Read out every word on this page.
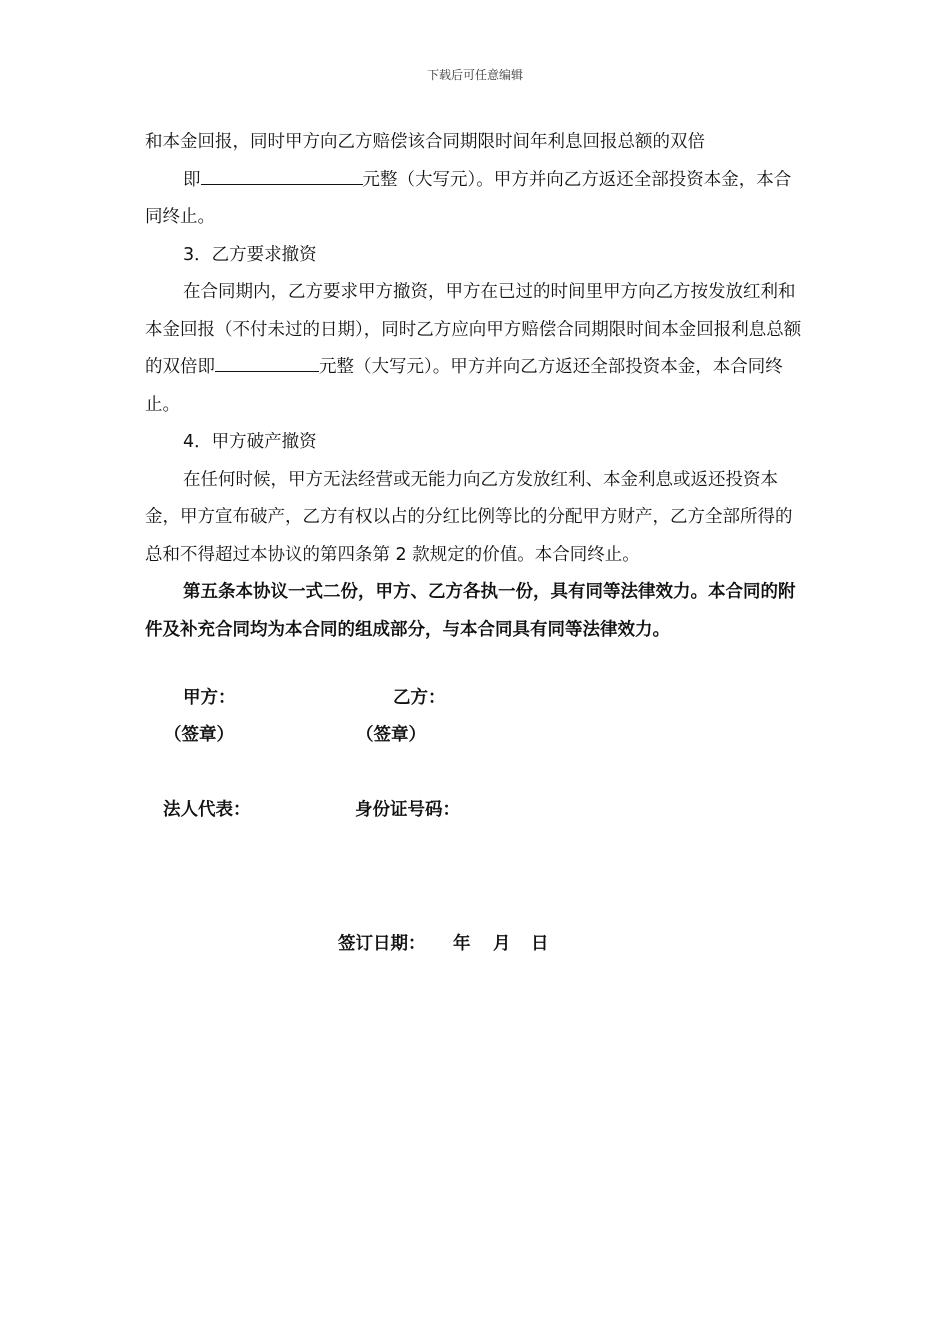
下载后可任意编辑

和本金回报，同时甲方向乙方赔偿该合同期限时间年利息回报总额的双倍

即	元整（大写元）。甲方并向乙方返还全部投资本金，本合同终止。

3．乙方要求撤资

在合同期内，乙方要求甲方撤资，甲方在已过的时间里甲方向乙方按发放红利和本金回报（不付未过的日期），同时乙方应向甲方赔偿合同期限时间本金回报利息总额的双倍即	元整（大写元）。甲方并向乙方返还全部投资本金，本合同终止。

4．甲方破产撤资

在任何时候，甲方无法经营或无能力向乙方发放红利、本金利息或返还投资本金，甲方宣布破产，乙方有权以占的分红比例等比的分配甲方财产，乙方全部所得的总和不得超过本协议的第四条第 2 款规定的价值。本合同终止。

第五条本协议一式二份，甲方、乙方各执一份，具有同等法律效力。本合同的附件及补充合同均为本合同的组成部分，与本合同具有同等法律效力。

甲方：	乙方：
（签章）	（签章）
法人代表：	身份证号码：
签订日期： 年 月 日
